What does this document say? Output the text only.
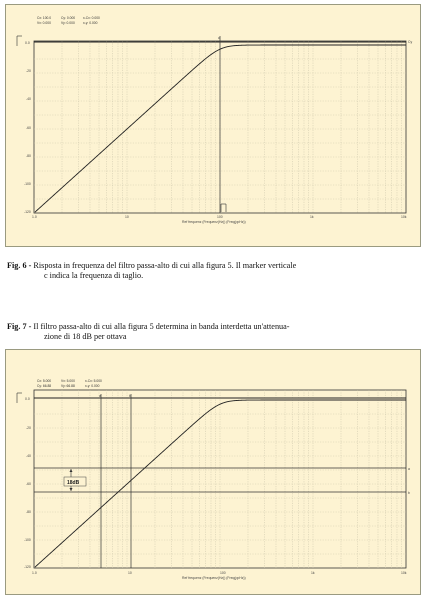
c
Cx: 100.0	Cy: 0.000 x-Cx: 0.000
Vx: 0.000	Vy: 0.000 x-y: 0.000
0.0
-20
-40
-60
-80
-100
-120
Cy
1.0	10	100	1k	10k
Ref frequenz (Frequenz(Hz)) (Freq(ppHz))
Fig. 6 - Risposta in frequenza del filtro passa-alto di cui alla figura 5. Il marker verticale
c indica la frequenza di taglio.
Fig. 7 - Il filtro passa-alto di cui alla figura 5 determina in banda interdetta un'attenua-
zione di 18 dB per ottava
a	b
a
b
18dB
Cx: 5.000	Vx: 5.000	x-Cx: 5.000
Cy: 66.88	Vy: 66.88	x-y: 0.000
0.0
-20
-40
-60
-80
-100
-120
1.0	10	100	1k	10k
Ref frequenz (Frequenz(Hz)) (Freq(ppHz))
